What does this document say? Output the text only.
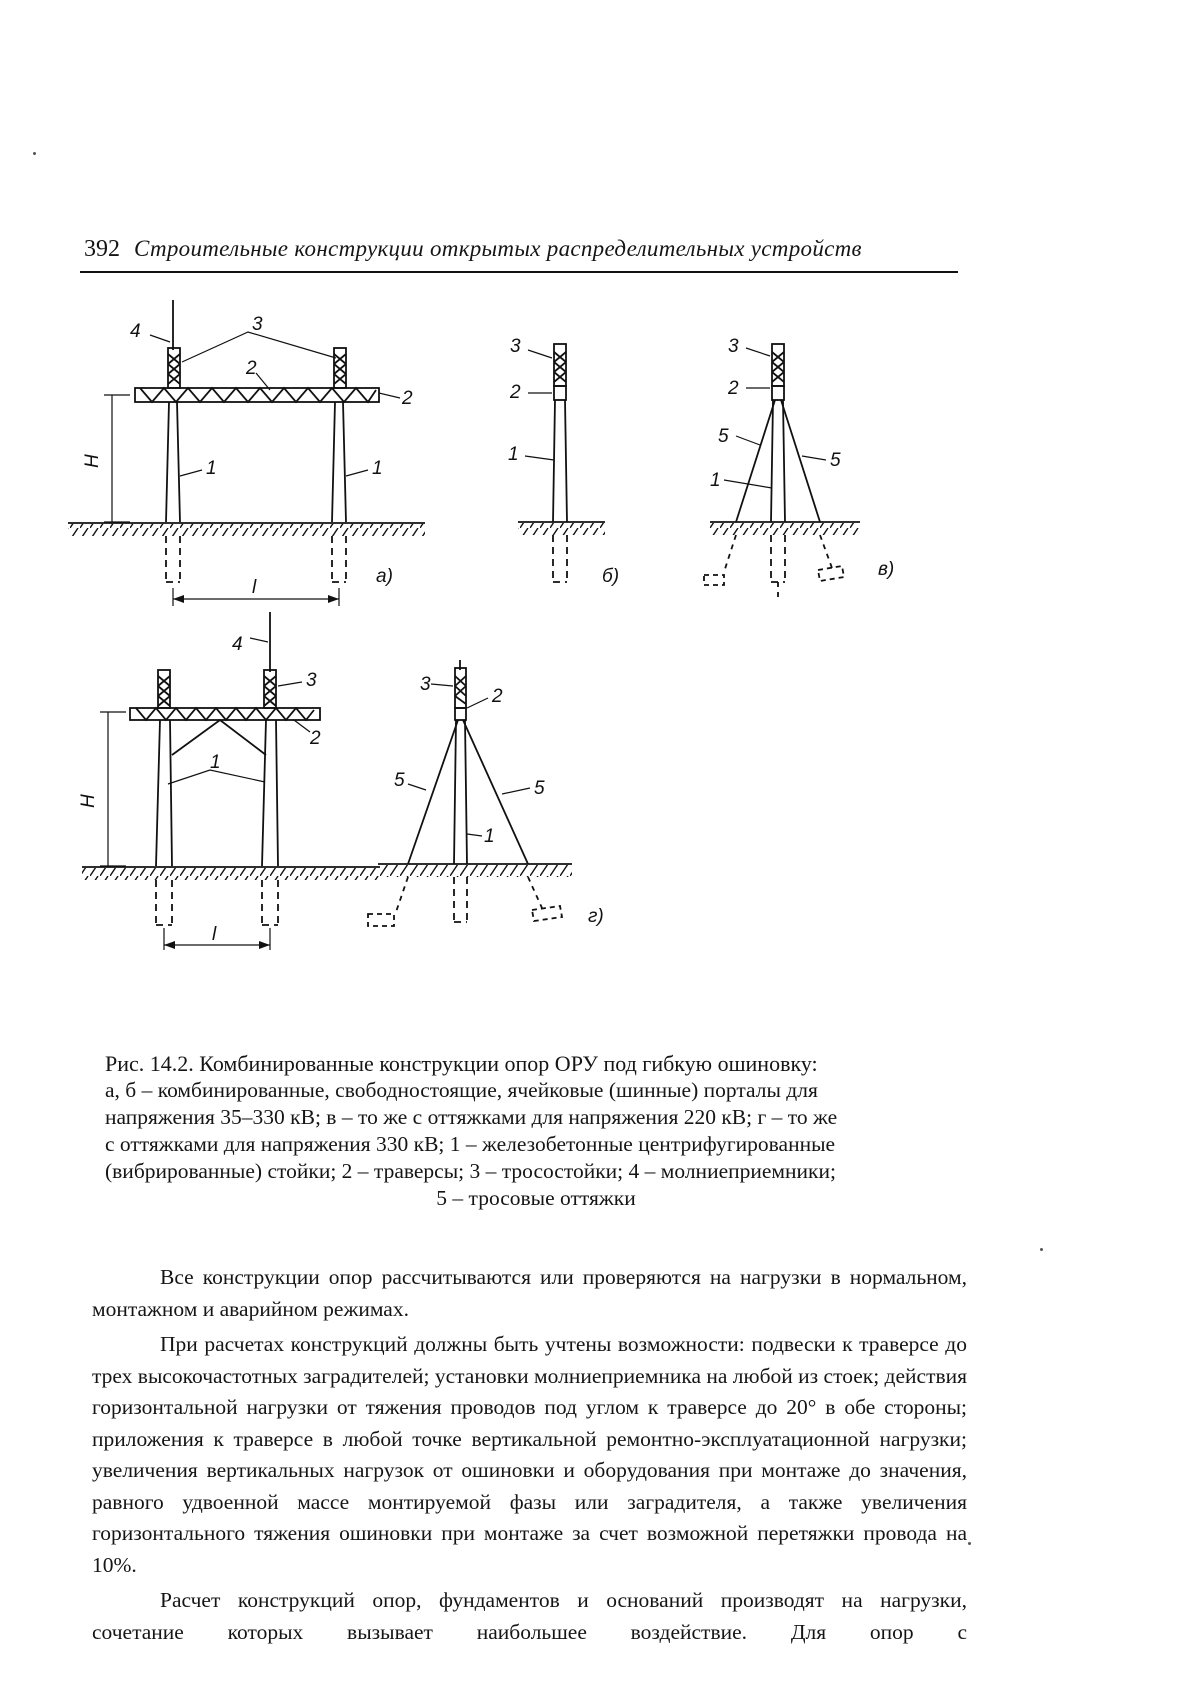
392 Строительные конструкции открытых распределительных устройств
4	3
2
2
1	1
H
l
а)
3
2
1
б)
3
2
5
5
1
в)
4
3
2
1
H
l
3
2
5	5
1
г)

Рис. 14.2. Комбинированные конструкции опор ОРУ под гибкую ошиновку:

а, б – комбинированные, свободностоящие, ячейковые (шинные) порталы для

напряжения 35–330 кВ; в – то же с оттяжками для напряжения 220 кВ; г – то же

с оттяжками для напряжения 330 кВ; 1 – железобетонные центрифугированные

(вибрированные) стойки; 2 – траверсы; 3 – тросостойки; 4 – молниеприемники;

5 – тросовые оттяжки

Все конструкции опор рассчитываются или проверяются на нагрузки в нормальном, монтажном и аварийном режимах.

При расчетах конструкций должны быть учтены возможности: подвески к траверсе до трех высокочастотных заградителей; установки молниеприемника на любой из стоек; действия горизонтальной нагрузки от тяжения проводов под углом к траверсе до 20° в обе стороны; приложения к траверсе в любой точке вертикальной ремонтно-эксплуатационной нагрузки; увеличения вертикальных нагрузок от ошиновки и оборудования при монтаже до значения, равного удвоенной массе монтируемой фазы или заградителя, а также увеличения горизонтального тяжения ошиновки при монтаже за счет возможной перетяжки провода на 10%.

Расчет конструкций опор, фундаментов и оснований производят на нагрузки, сочетание которых вызывает наибольшее воздействие. Для опор с
